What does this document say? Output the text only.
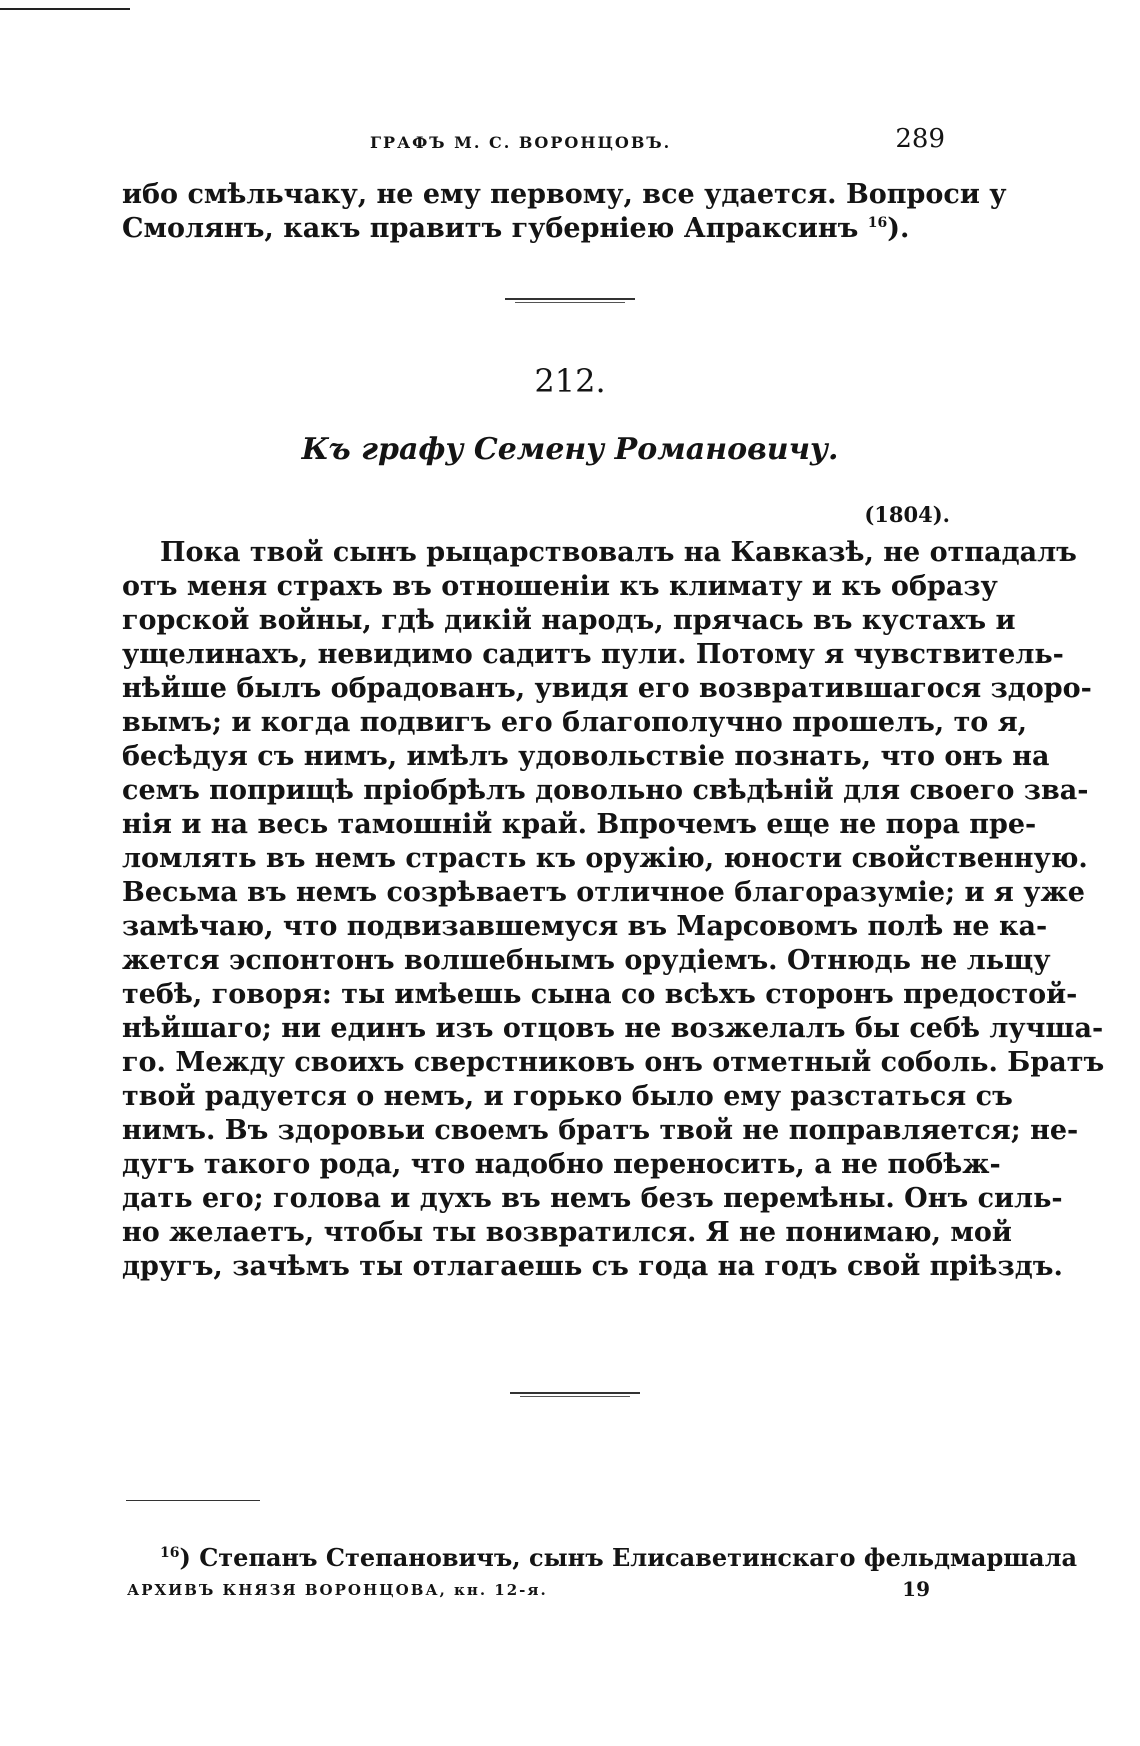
ГРАФЪ М. С. ВОРОНЦОВЪ.	289
ибо смѣльчаку, не ему первому, все удается. Вопроси у
Смолянъ, какъ правитъ губерніею Апраксинъ $^{16}$).
212.
Къ графу Семену Романовичу.
(1804).
Пока твой сынъ рыцарствовалъ на Кавказѣ, не отпадалъ
отъ меня страхъ въ отношеніи къ климату и къ образу
горской войны, гдѣ дикій народъ, прячась въ кустахъ и
ущелинахъ, невидимо садитъ пули. Потому я чувствитель-
нѣйше былъ обрадованъ, увидя его возвратившагося здоро-
вымъ; и когда подвигъ его благополучно прошелъ, то я,
бесѣдуя съ нимъ, имѣлъ удовольствіе познать, что онъ на
семъ поприщѣ пріобрѣлъ довольно свѣдѣній для своего зва-
нія и на весь тамошній край. Впрочемъ еще не пора пре-
ломлять въ немъ страсть къ оружію, юности свойственную.
Весьма въ немъ созрѣваетъ отличное благоразуміе; и я уже
замѣчаю, что подвизавшемуся въ Марсовомъ полѣ не ка-
жется эспонтонъ волшебнымъ орудіемъ. Отнюдь не льщу
тебѣ, говоря: ты имѣешь сына со всѣхъ сторонъ предостой-
нѣйшаго; ни единъ изъ отцовъ не возжелалъ бы себѣ лучша-
го. Между своихъ сверстниковъ онъ отметный соболь. Братъ
твой радуется о немъ, и горько было ему разстаться съ
нимъ. Въ здоровьи своемъ братъ твой не поправляется; не-
дугъ такого рода, что надобно переносить, а не побѣж-
дать его; голова и духъ въ немъ безъ перемѣны. Онъ силь-
но желаетъ, чтобы ты возвратился. Я не понимаю, мой
другъ, зачѣмъ ты отлагаешь съ года на годъ свой пріѣздъ.
$^{16}$) Степанъ Степановичъ, сынъ Елисаветинскаго фельдмаршала
АРХИВЪ КНЯЗЯ ВОРОНЦОВА, кн. 12-я.	19
